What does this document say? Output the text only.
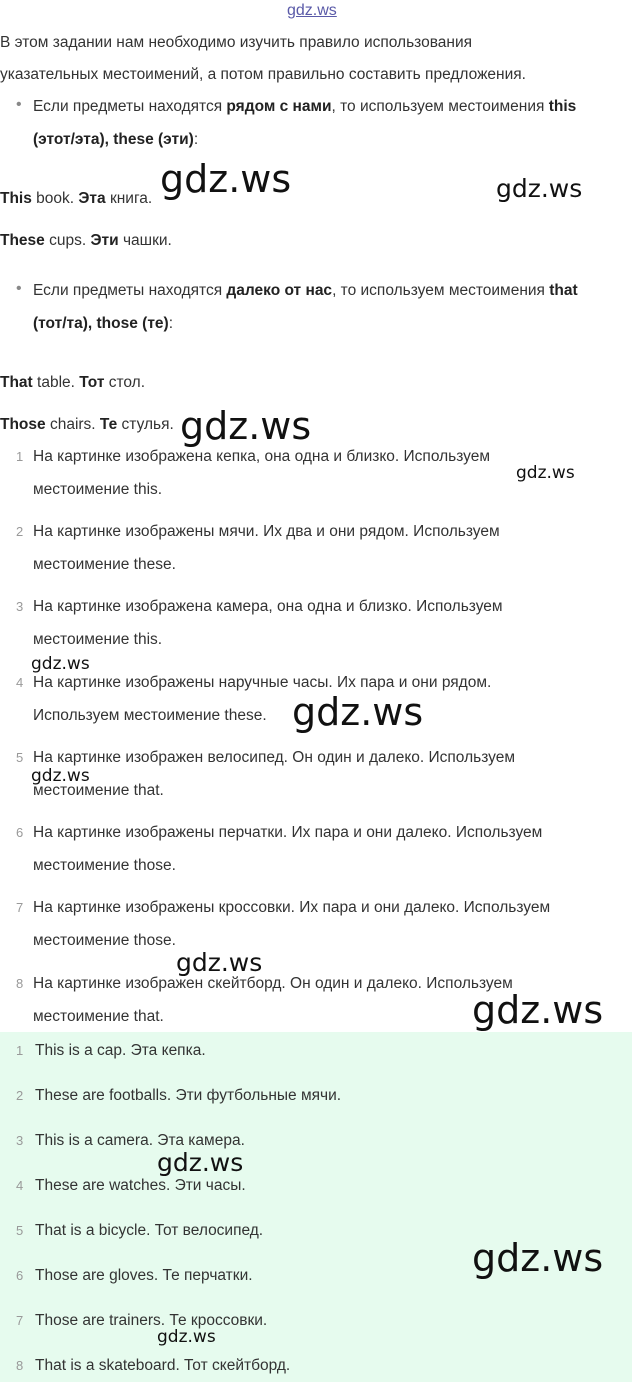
gdz.ws
В этом задании нам необходимо изучить правило использования
указательных местоимений, а потом правильно составить предложения.
• Если предметы находятся рядом с нами, то используем местоимения this
(этот/эта), these (эти):
This book. Эта книга.
These cups. Эти чашки.
• Если предметы находятся далеко от нас, то используем местоимения that
(тот/та), those (те):
That table. Тот стол.
Those chairs. Те стулья.
1 На картинке изображена кепка, она одна и близко. Используем
местоимение this.
2 На картинке изображены мячи. Их два и они рядом. Используем
местоимение these.
3 На картинке изображена камера, она одна и близко. Используем
местоимение this.
4 На картинке изображены наручные часы. Их пара и они рядом.
Используем местоимение these.
5 На картинке изображен велосипед. Он один и далеко. Используем
местоимение that.
6 На картинке изображены перчатки. Их пара и они далеко. Используем
местоимение those.
7 На картинке изображены кроссовки. Их пара и они далеко. Используем
местоимение those.
8 На картинке изображен скейтборд. Он один и далеко. Используем
местоимение that.
1 This is a cap. Эта кепка.
2 These are footballs. Эти футбольные мячи.
3 This is a camera. Эта камера.
4 These are watches. Эти часы.
5 That is a bicycle. Тот велосипед.
6 Those are gloves. Те перчатки.
7 Those are trainers. Те кроссовки.
8 That is a skateboard. Тот скейтборд.
gdz.ws	gdz.ws
gdz.ws
gdz.ws
gdz.ws
gdz.ws
gdz.ws
gdz.ws
gdz.ws
gdz.ws
gdz.ws
gdz.ws
